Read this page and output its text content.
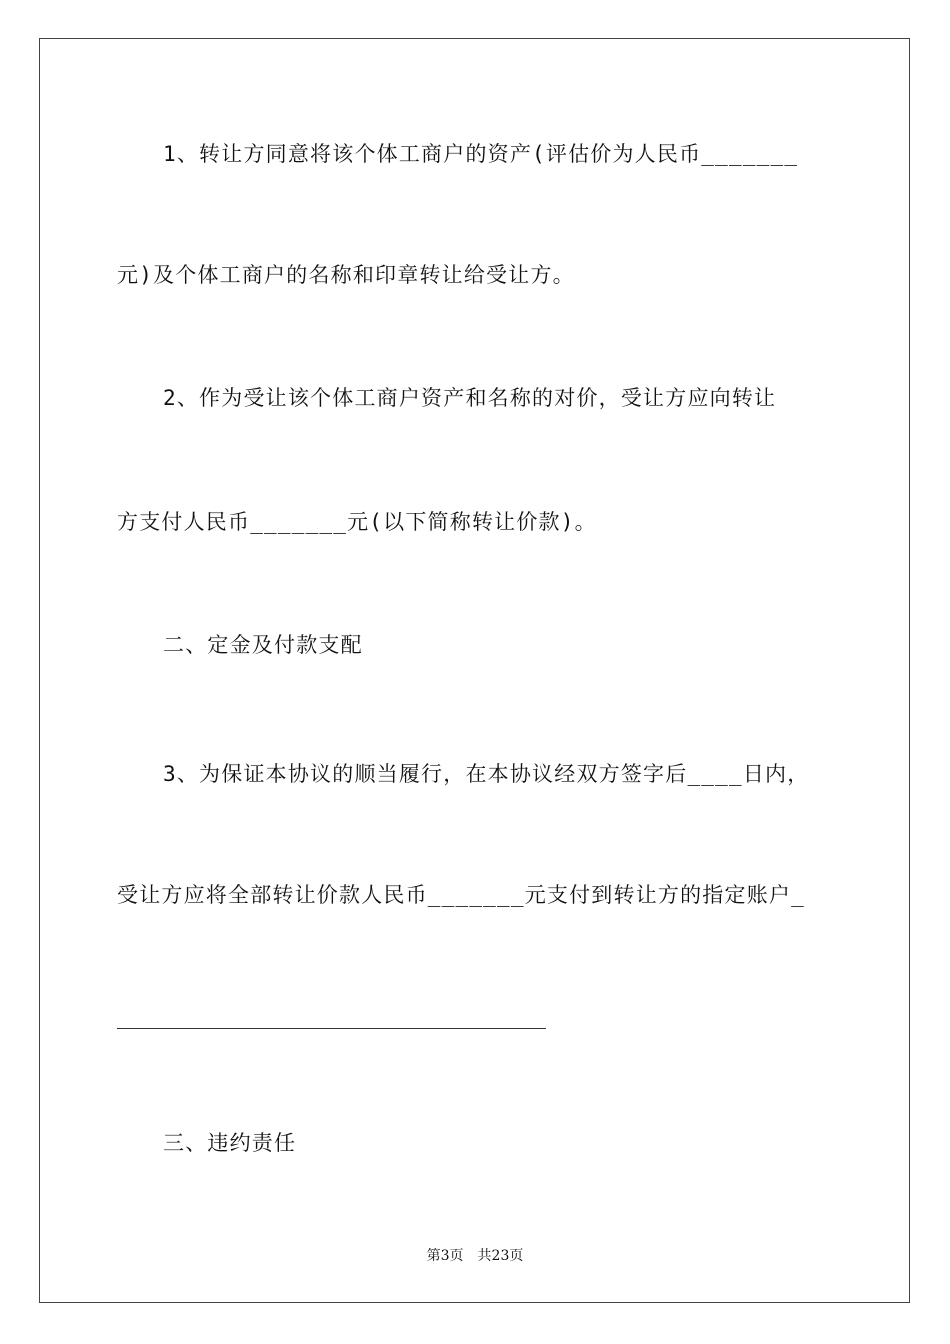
1、转让方同意将该个体工商户的资产(评估价为人民币_______
元)及个体工商户的名称和印章转让给受让方。
2、作为受让该个体工商户资产和名称的对价，受让方应向转让
方支付人民币_______元(以下简称转让价款)。
二、定金及付款支配
3、为保证本协议的顺当履行，在本协议经双方签字后____日内，
受让方应将全部转让价款人民币_______元支付到转让方的指定账户_
三、违约责任
第3页 共23页
